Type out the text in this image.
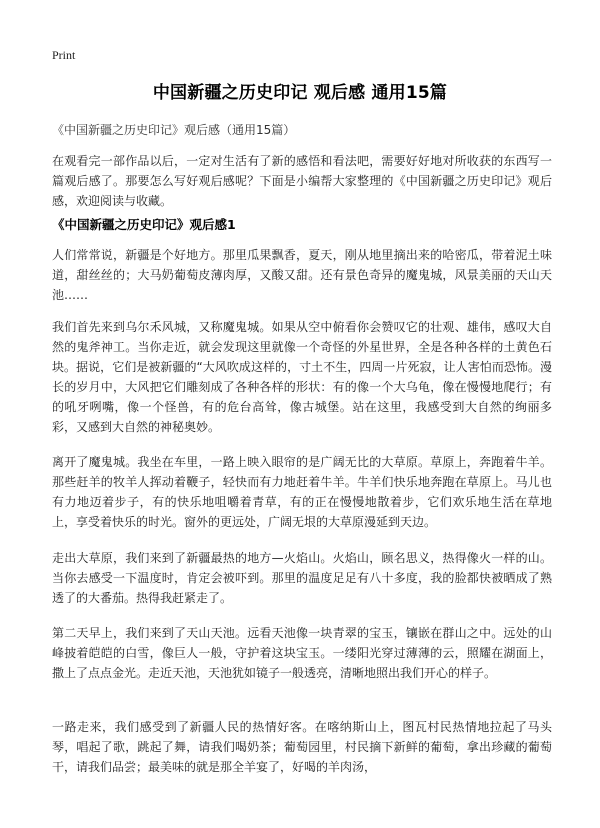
Print
中国新疆之历史印记 观后感 通用15篇
《中国新疆之历史印记》观后感（通用15篇）

在观看完一部作品以后，一定对生活有了新的感悟和看法吧，需要好好地对所收获的东西写一篇观后感了。那要怎么写好观后感呢？下面是小编帮大家整理的《中国新疆之历史印记》观后感，欢迎阅读与收藏。

《中国新疆之历史印记》观后感1

人们常常说，新疆是个好地方。那里瓜果飘香，夏天，刚从地里摘出来的哈密瓜，带着泥土味道，甜丝丝的；大马奶葡萄皮薄肉厚，又酸又甜。还有景色奇异的魔鬼城，风景美丽的天山天池……

我们首先来到乌尔禾风城，又称魔鬼城。如果从空中俯看你会赞叹它的壮观、雄伟，感叹大自然的鬼斧神工。当你走近，就会发现这里就像一个奇怪的外星世界，全是各种各样的土黄色石块。据说，它们是被新疆的“大风吹成这样的，寸土不生，四周一片死寂，让人害怕而恐怖。漫长的岁月中，大风把它们雕刻成了各种各样的形状：有的像一个大乌龟，像在慢慢地爬行；有的吼牙咧嘴，像一个怪兽，有的危台高耸，像古城堡。站在这里，我感受到大自然的绚丽多彩，又感到大自然的神秘奥妙。

离开了魔鬼城。我坐在车里，一路上映入眼帘的是广阔无比的大草原。草原上，奔跑着牛羊。那些赶羊的牧羊人挥动着鞭子，轻快而有力地赶着牛羊。牛羊们快乐地奔跑在草原上。马儿也有力地迈着步子，有的快乐地咀嚼着青草，有的正在慢慢地散着步，它们欢乐地生活在草地上，享受着快乐的时光。窗外的更远处，广阔无垠的大草原漫延到天边。

走出大草原，我们来到了新疆最热的地方—火焰山。火焰山，顾名思义，热得像火一样的山。当你去感受一下温度时，肯定会被吓到。那里的温度足足有八十多度，我的脸都快被晒成了熟透了的大番茄。热得我赶紧走了。

第二天早上，我们来到了天山天池。远看天池像一块青翠的宝玉，镶嵌在群山之中。远处的山峰披着皑皑的白雪，像巨人一般，守护着这块宝玉。一缕阳光穿过薄薄的云，照耀在湖面上，撒上了点点金光。走近天池，天池犹如镜子一般透亮，清晰地照出我们开心的样子。

一路走来，我们感受到了新疆人民的热情好客。在喀纳斯山上，图瓦村民热情地拉起了马头琴，唱起了歌，跳起了舞，请我们喝奶茶；葡萄园里，村民摘下新鲜的葡萄，拿出珍藏的葡萄干，请我们品尝；最美味的就是那全羊宴了，好喝的羊肉汤，
